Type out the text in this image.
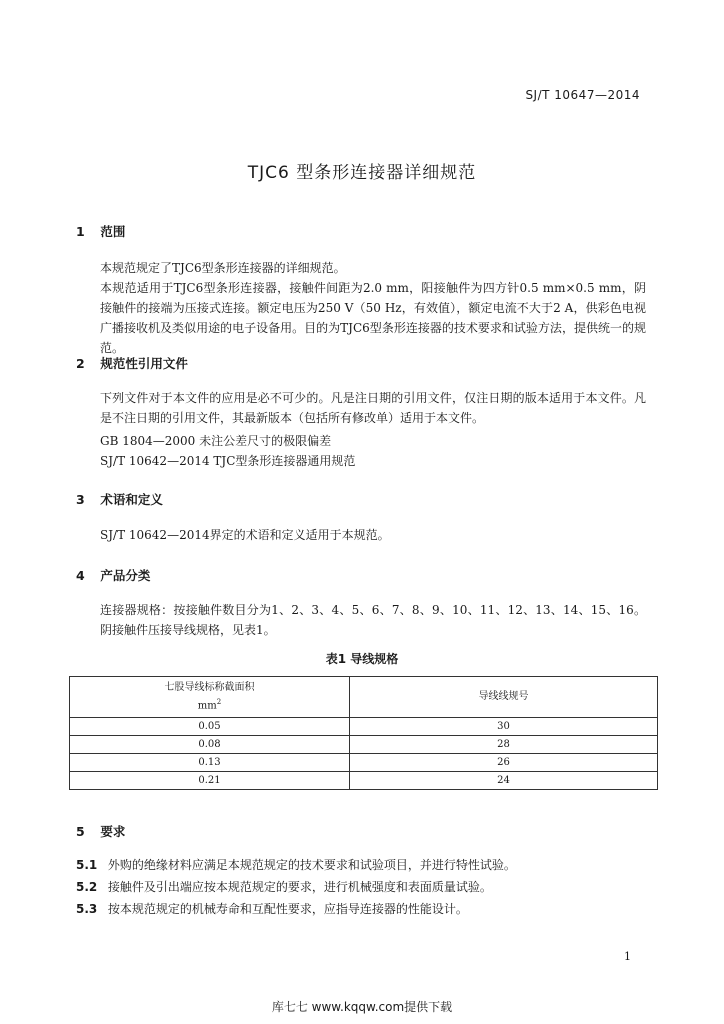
SJ/T 10647—2014
TJC6 型条形连接器详细规范
1 范围
本规范规定了TJC6型条形连接器的详细规范。
本规范适用于TJC6型条形连接器，接触件间距为2.0 mm，阳接触件为四方针0.5 mm×0.5 mm，阴接触件的接端为压接式连接。额定电压为250 V（50 Hz，有效值），额定电流不大于2 A，供彩色电视广播接收机及类似用途的电子设备用。目的为TJC6型条形连接器的技术要求和试验方法，提供统一的规范。
2 规范性引用文件
下列文件对于本文件的应用是必不可少的。凡是注日期的引用文件，仅注日期的版本适用于本文件。凡是不注日期的引用文件，其最新版本（包括所有修改单）适用于本文件。
GB 1804—2000 未注公差尺寸的极限偏差
SJ/T 10642—2014 TJC型条形连接器通用规范
3 术语和定义
SJ/T 10642—2014界定的术语和定义适用于本规范。
4 产品分类
连接器规格：按接触件数目分为1、2、3、4、5、6、7、8、9、10、11、12、13、14、15、16。阴接触件压接导线规格，见表1。
表1 导线规格
七股导线标称截面积
$mm^2$	导线线规号
0.05	30
0.08	28
0.13	26
0.21	24
5 要求
5.1 外购的绝缘材料应满足本规范规定的技术要求和试验项目，并进行特性试验。
5.2 接触件及引出端应按本规范规定的要求，进行机械强度和表面质量试验。
5.3 按本规范规定的机械寿命和互配性要求，应指导连接器的性能设计。
1
库七七 www.kqqw.com提供下载
